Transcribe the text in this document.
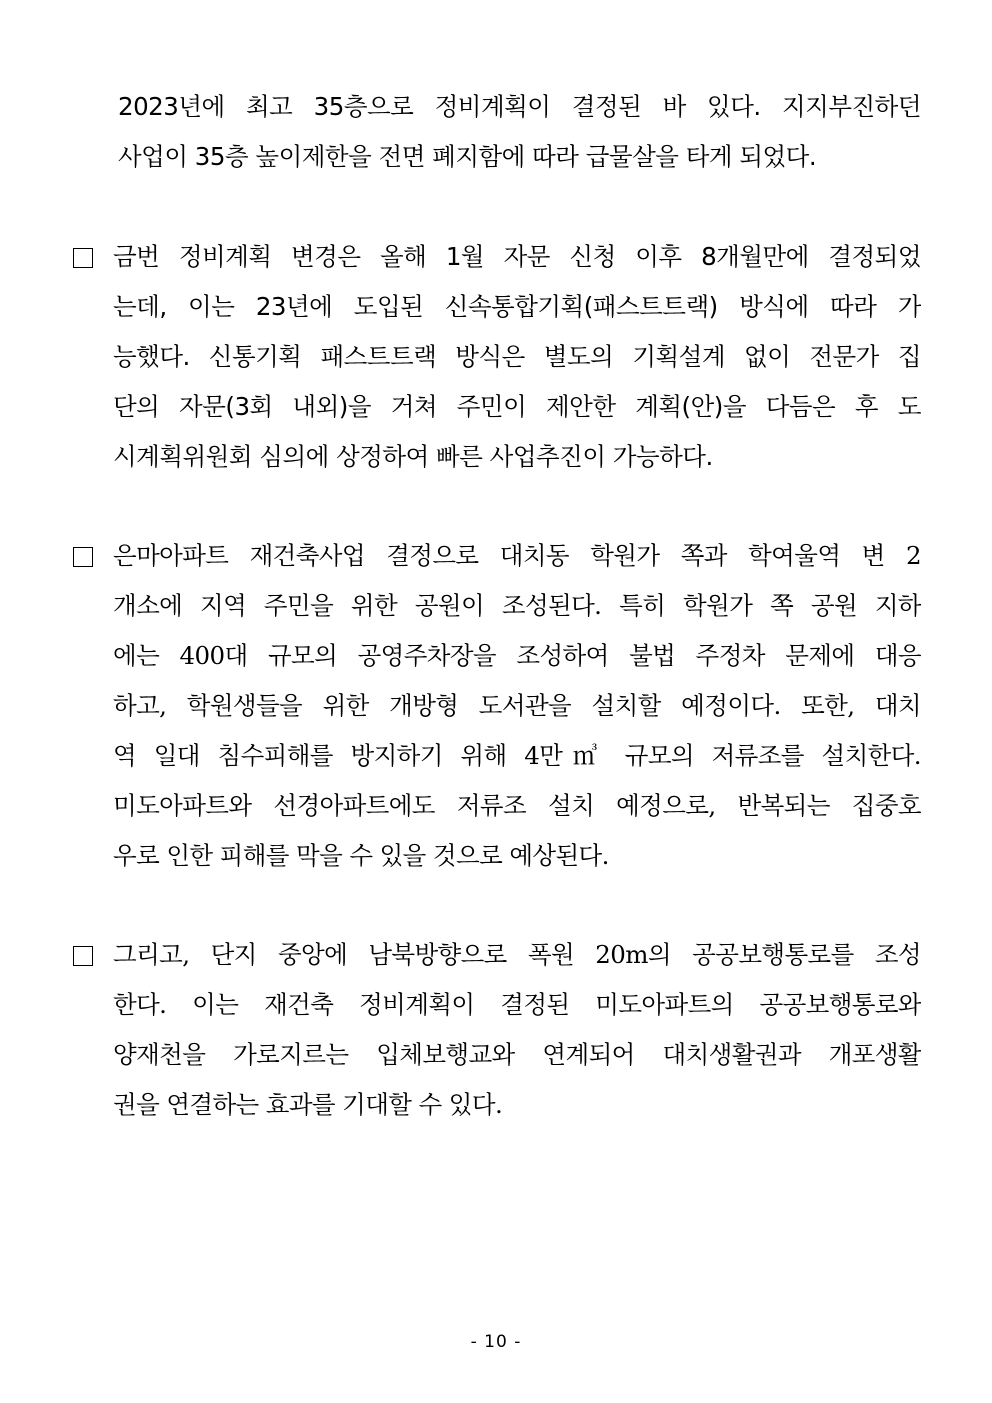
2023년에 최고 35층으로 정비계획이 결정된 바 있다. 지지부진하던
사업이 35층 높이제한을 전면 폐지함에 따라 급물살을 타게 되었다.
금번 정비계획 변경은 올해 1월 자문 신청 이후 8개월만에 결정되었
는데, 이는 23년에 도입된 신속통합기획(패스트트랙) 방식에 따라 가
능했다. 신통기획 패스트트랙 방식은 별도의 기획설계 없이 전문가 집
단의 자문(3회 내외)을 거쳐 주민이 제안한 계획(안)을 다듬은 후 도
시계획위원회 심의에 상정하여 빠른 사업추진이 가능하다.
은마아파트 재건축사업 결정으로 대치동 학원가 쪽과 학여울역 변 2
개소에 지역 주민을 위한 공원이 조성된다. 특히 학원가 쪽 공원 지하
에는 400대 규모의 공영주차장을 조성하여 불법 주정차 문제에 대응
하고, 학원생들을 위한 개방형 도서관을 설치할 예정이다. 또한, 대치
역 일대 침수피해를 방지하기 위해 4만㎥ 규모의 저류조를 설치한다.
미도아파트와 선경아파트에도 저류조 설치 예정으로, 반복되는 집중호
우로 인한 피해를 막을 수 있을 것으로 예상된다.
그리고, 단지 중앙에 남북방향으로 폭원 20m의 공공보행통로를 조성
한다. 이는 재건축 정비계획이 결정된 미도아파트의 공공보행통로와
양재천을 가로지르는 입체보행교와 연계되어 대치생활권과 개포생활
권을 연결하는 효과를 기대할 수 있다.
- 10 -
